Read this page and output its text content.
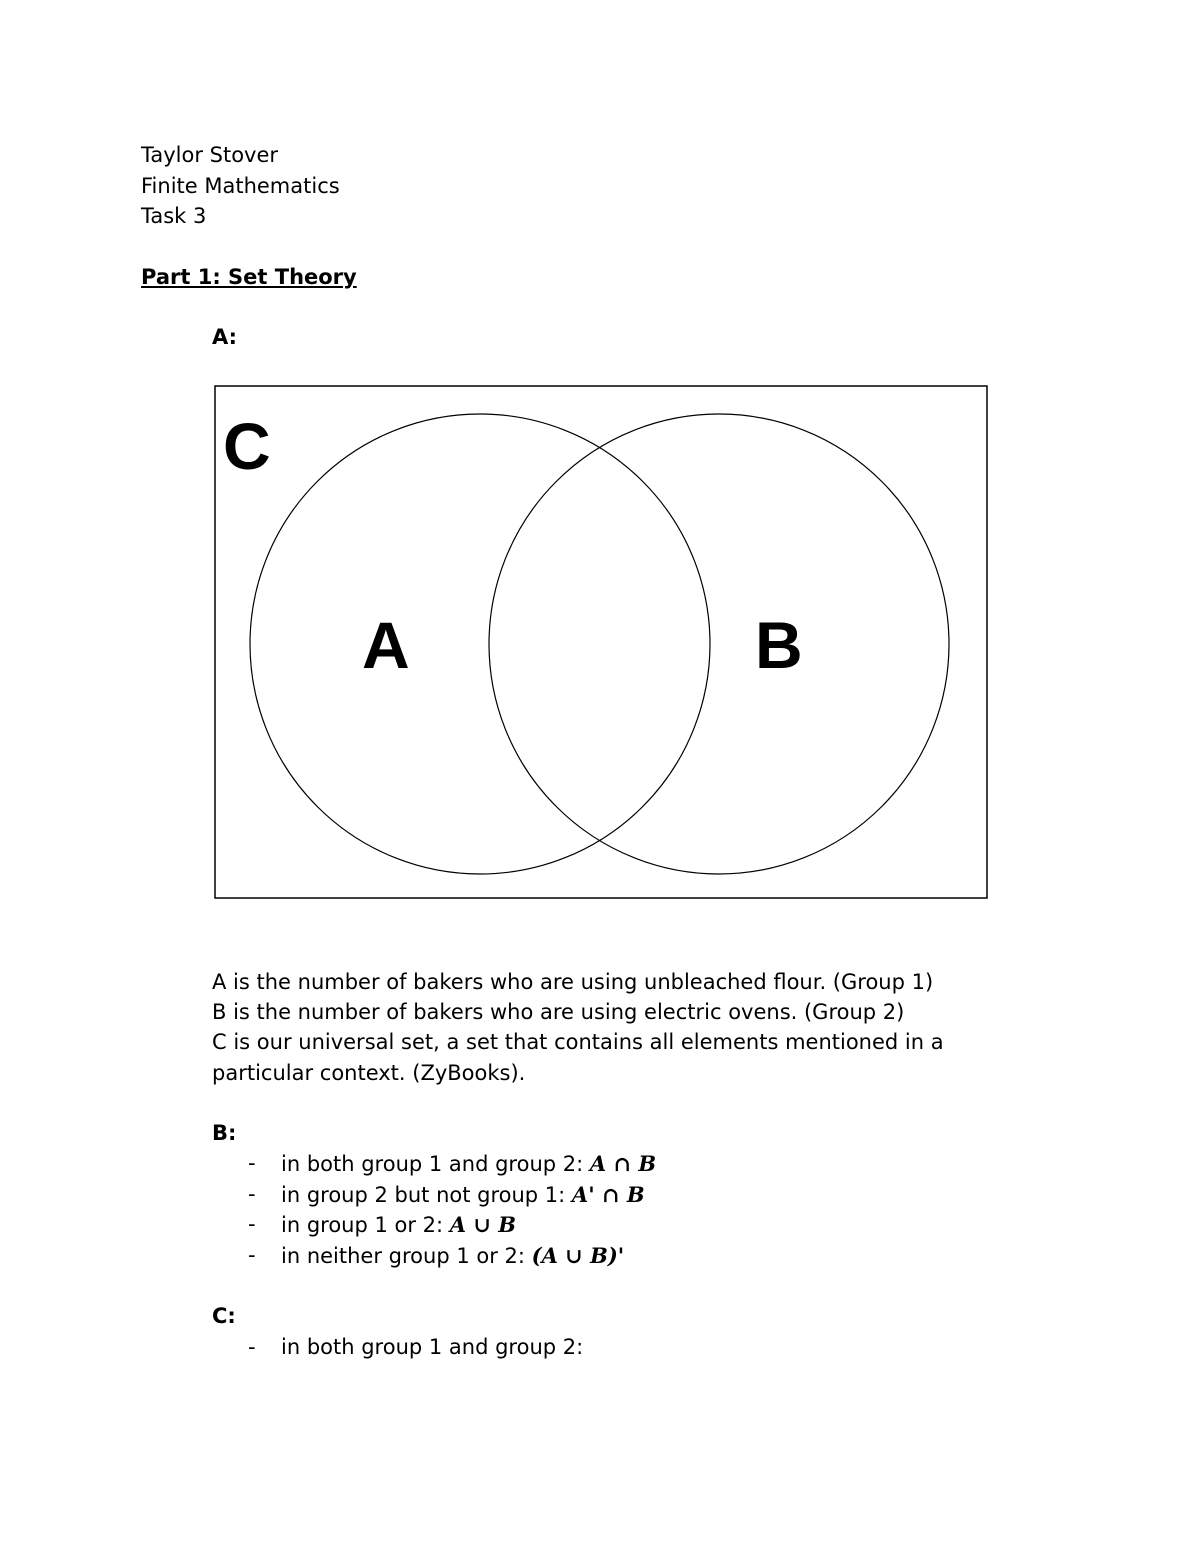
Taylor Stover
Finite Mathematics
Task 3
Part 1: Set Theory
A:
C
A	B
A is the number of bakers who are using unbleached flour. (Group 1)
B is the number of bakers who are using electric ovens. (Group 2)
C is our universal set, a set that contains all elements mentioned in a
particular context. (ZyBooks).
B:
- in both group 1 and group 2: A ∩ B
- in group 2 but not group 1: A' ∩ B
- in group 1 or 2: A ∪ B
- in neither group 1 or 2: (A ∪ B)'
C:
- in both group 1 and group 2:
